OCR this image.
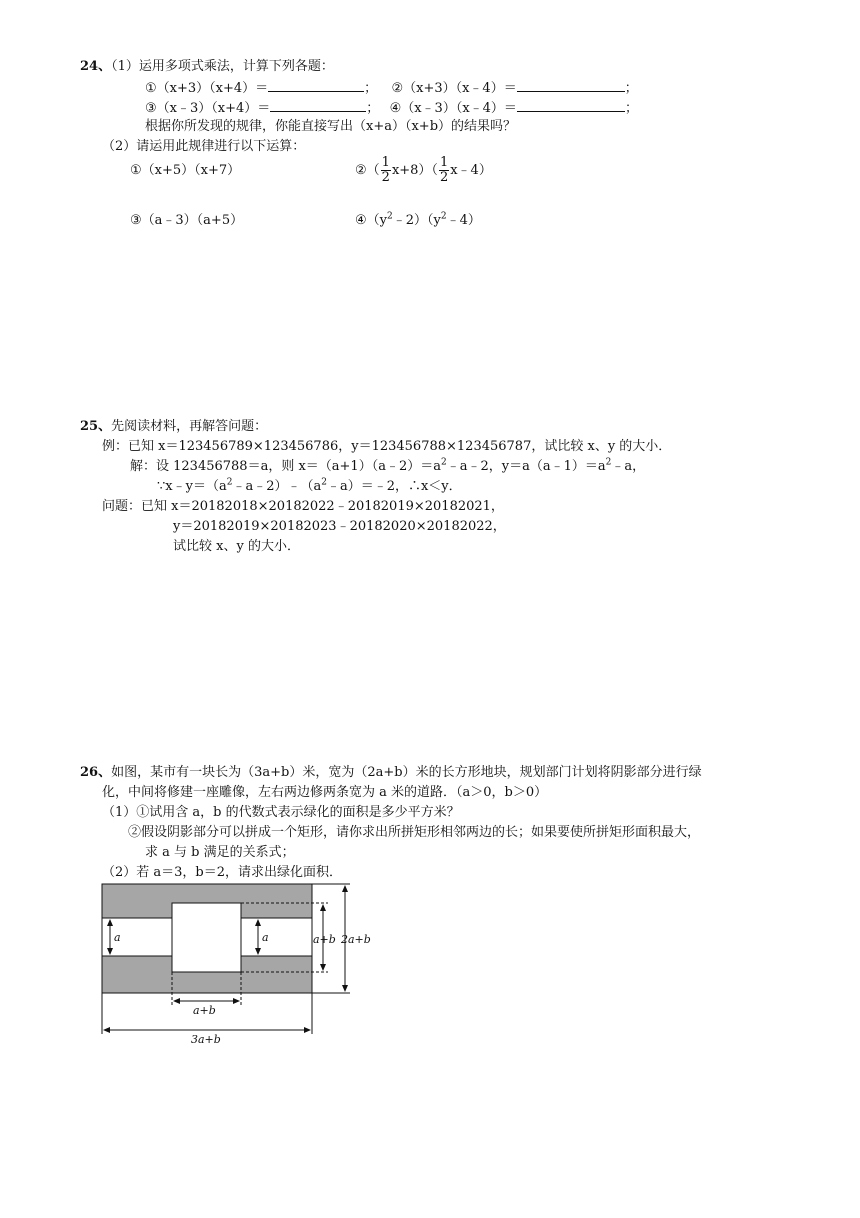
24、（1）运用多项式乘法，计算下列各题：
①（x+3）（x+4）＝	； ②（x+3）（x﹣4）＝	；
③（x﹣3）（x+4）＝	； ④（x﹣3）（x﹣4）＝	；
根据你所发现的规律，你能直接写出（x+a）（x+b）的结果吗？
（2）请运用此规律进行以下运算：
①（x+5）（x+7）	②（ $\frac{1}{2} x+8)( \frac{1}{2}$ x﹣4）
③（a﹣3）（a+5）	$④(y^2﹣2)(y^2﹣4)$
25、先阅读材料，再解答问题：
例：已知 x＝123456789×123456786，y＝123456788×123456787，试比较 x、y 的大小．
解：设 123456788＝a，则 $x=(a+1)(a﹣2)=a^2﹣a﹣2$，$y=a(a﹣1)=a^2﹣a$，
$\because x﹣y=(a^2﹣a﹣2)﹣(a^2﹣a)=﹣2$，∴x＜y．
问题：已知 x＝20182018×20182022﹣20182019×20182021，
y＝20182019×20182023﹣20182020×20182022，
试比较 x、y 的大小．
26、如图，某市有一块长为（3a+b）米，宽为（2a+b）米的长方形地块，规划部门计划将阴影部分进行绿
化，中间将修建一座雕像，左右两边修两条宽为 a 米的道路．（a＞0，b＞0）
（1）①试用含 a，b 的代数式表示绿化的面积是多少平方米？
②假设阴影部分可以拼成一个矩形，请你求出所拼矩形相邻两边的长；如果要使所拼矩形面积最大，
求 a 与 b 满足的关系式；
（2）若 a＝3，b＝2，请求出绿化面积．
a	a	a+b 2a+b
a+b
3a+b
